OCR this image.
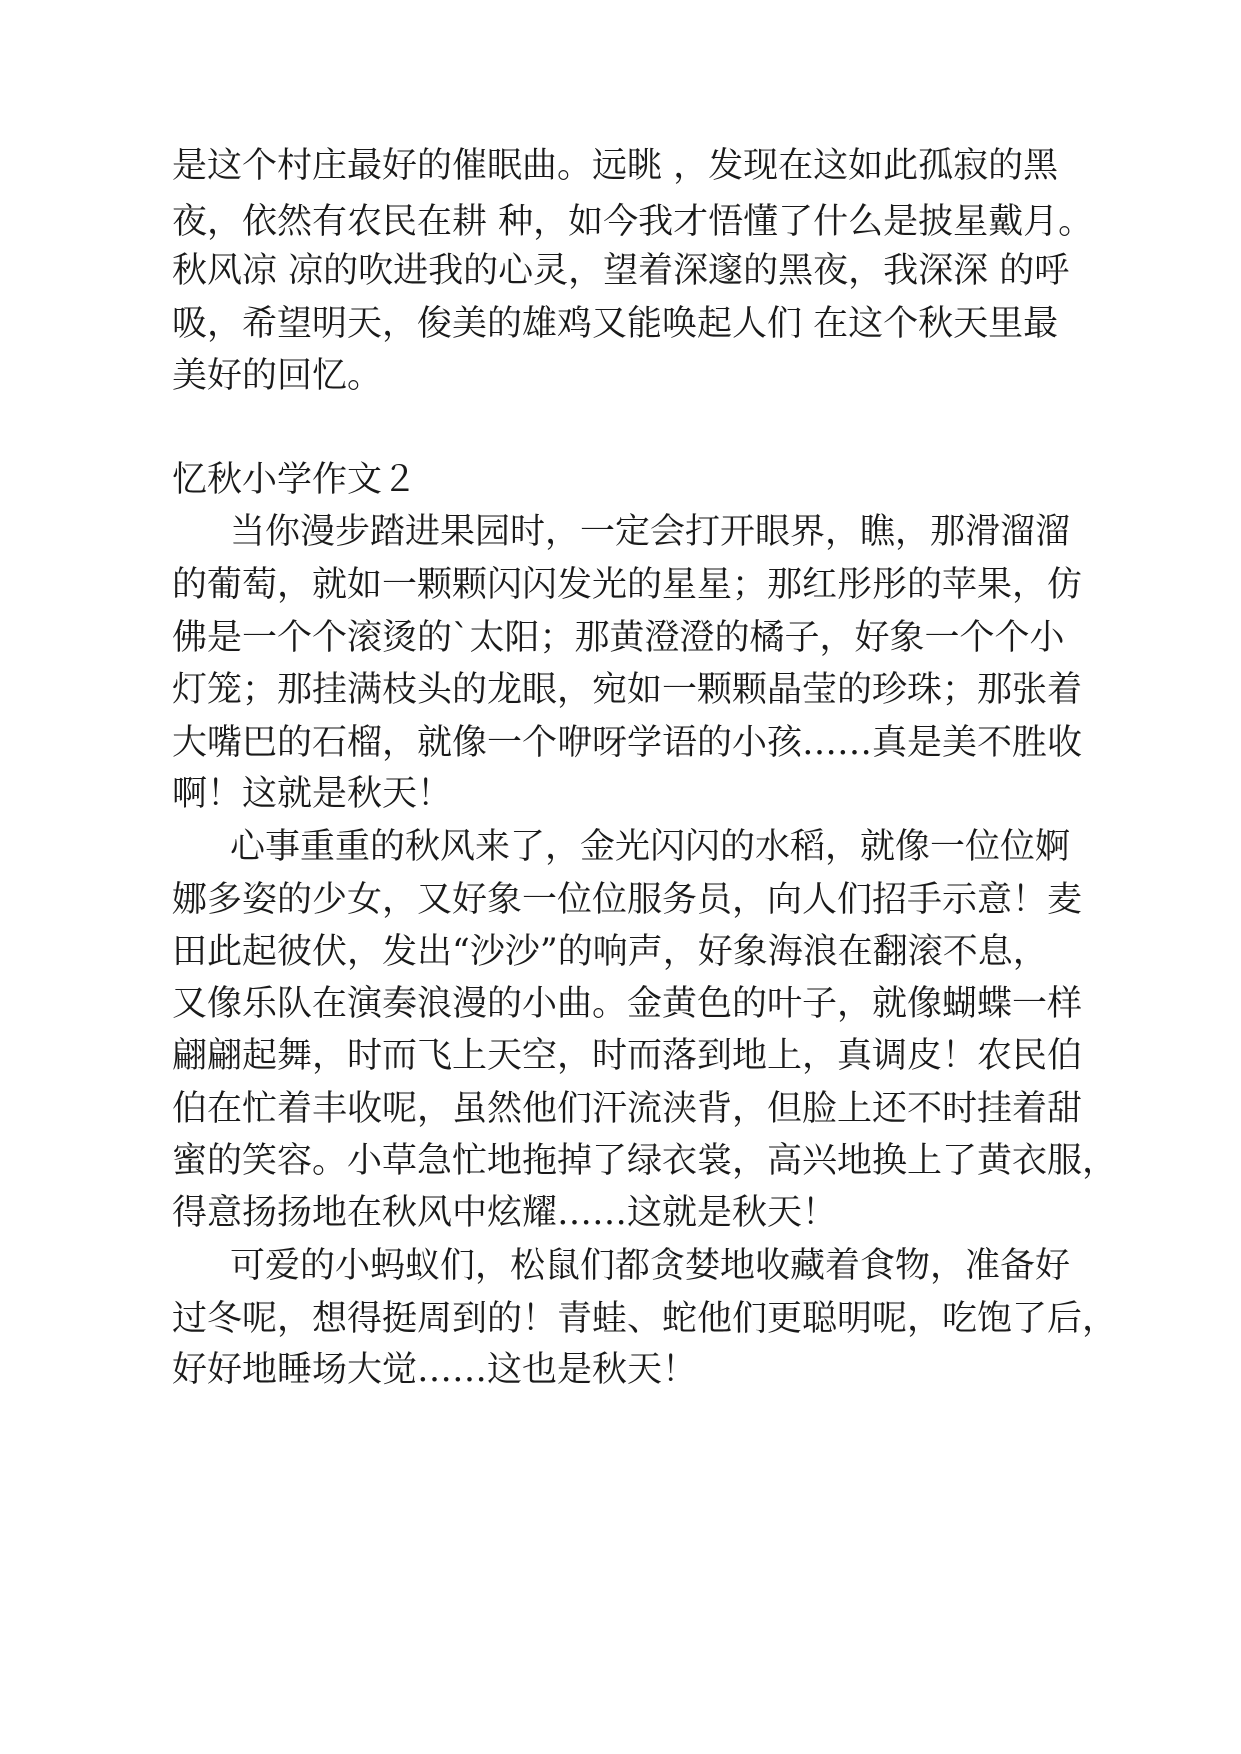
是这个村庄最好的催眠曲。远眺 ，发现在这如此孤寂的黑
夜，依然有农民在耕 种，如今我才悟懂了什么是披星戴月。
秋风凉 凉的吹进我的心灵，望着深邃的黑夜，我深深 的呼
吸，希望明天，俊美的雄鸡又能唤起人们 在这个秋天里最
美好的回忆。
忆秋小学作文２
当你漫步踏进果园时，一定会打开眼界，瞧，那滑溜溜
的葡萄，就如一颗颗闪闪发光的星星；那红彤彤的苹果，仿
佛是一个个滚烫的`太阳；那黄澄澄的橘子，好象一个个小
灯笼；那挂满枝头的龙眼，宛如一颗颗晶莹的珍珠；那张着
大嘴巴的石榴，就像一个咿呀学语的小孩……真是美不胜收
啊！这就是秋天！
心事重重的秋风来了，金光闪闪的水稻，就像一位位婀
娜多姿的少女，又好象一位位服务员，向人们招手示意！麦
田此起彼伏，发出“沙沙”的响声，好象海浪在翻滚不息，
又像乐队在演奏浪漫的小曲。金黄色的叶子，就像蝴蝶一样
翩翩起舞，时而飞上天空，时而落到地上，真调皮！农民伯
伯在忙着丰收呢，虽然他们汗流浃背，但脸上还不时挂着甜
蜜的笑容。小草急忙地拖掉了绿衣裳，高兴地换上了黄衣服，
得意扬扬地在秋风中炫耀……这就是秋天！
可爱的小蚂蚁们，松鼠们都贪婪地收藏着食物，准备好
过冬呢，想得挺周到的！青蛙、蛇他们更聪明呢，吃饱了后，
好好地睡场大觉……这也是秋天！
